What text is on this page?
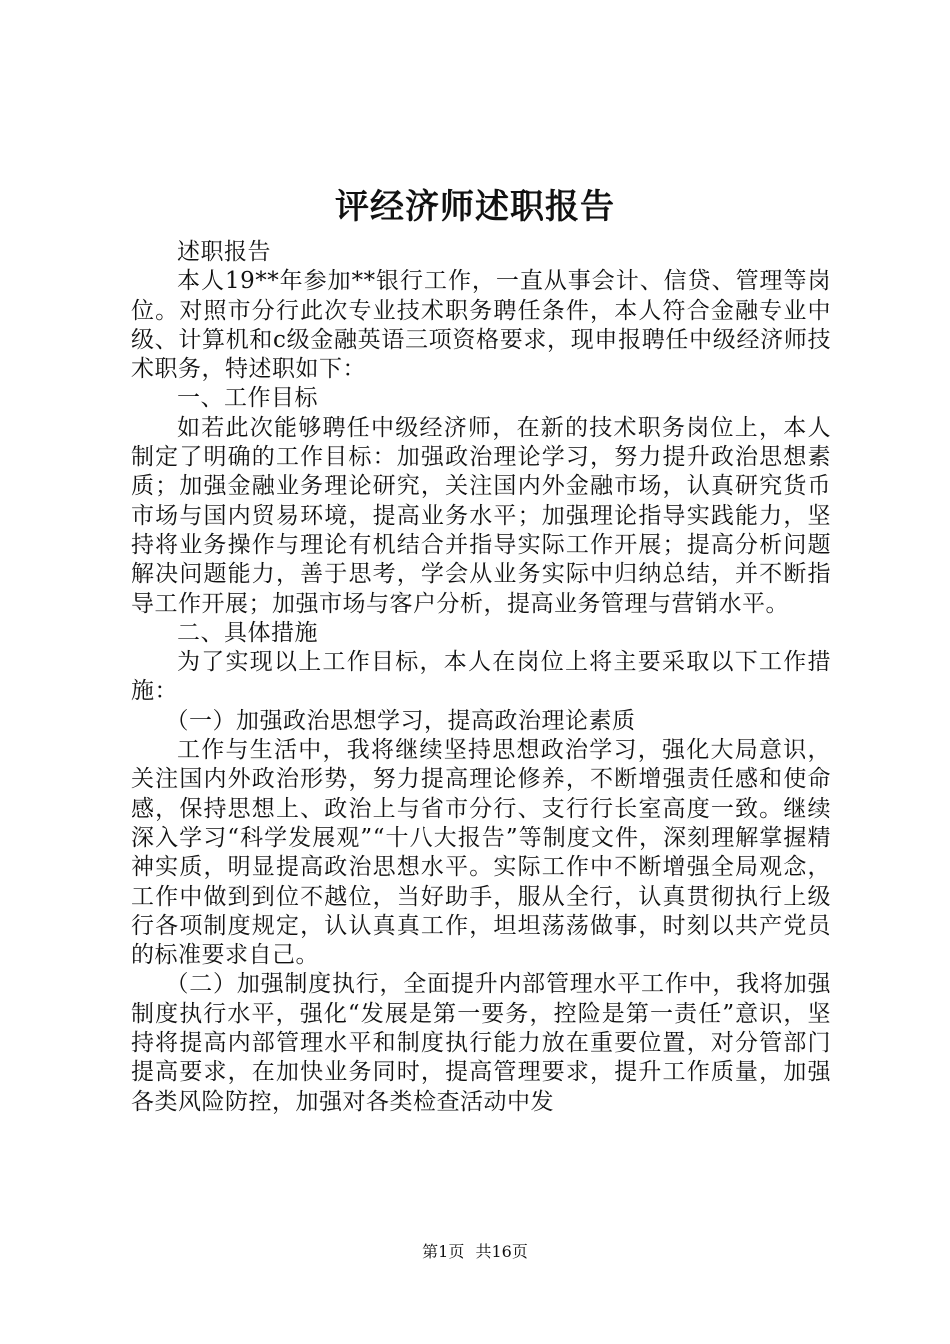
评经济师述职报告

述职报告

本人19**年参加**银行工作，一直从事会计、信贷、管理等岗位。对照市分行此次专业技术职务聘任条件，本人符合金融专业中级、计算机和c级金融英语三项资格要求，现申报聘任中级经济师技术职务，特述职如下：

一、工作目标

如若此次能够聘任中级经济师，在新的技术职务岗位上，本人制定了明确的工作目标：加强政治理论学习，努力提升政治思想素质；加强金融业务理论研究，关注国内外金融市场，认真研究货币市场与国内贸易环境，提高业务水平；加强理论指导实践能力，坚持将业务操作与理论有机结合并指导实际工作开展；提高分析问题解决问题能力，善于思考，学会从业务实际中归纳总结，并不断指导工作开展；加强市场与客户分析，提高业务管理与营销水平。

二、具体措施

为了实现以上工作目标，本人在岗位上将主要采取以下工作措施：

（一）加强政治思想学习，提高政治理论素质

工作与生活中，我将继续坚持思想政治学习，强化大局意识，关注国内外政治形势，努力提高理论修养，不断增强责任感和使命感，保持思想上、政治上与省市分行、支行行长室高度一致。继续深入学习“科学发展观”“十八大报告”等制度文件，深刻理解掌握精神实质，明显提高政治思想水平。实际工作中不断增强全局观念，工作中做到到位不越位，当好助手，服从全行，认真贯彻执行上级行各项制度规定，认认真真工作，坦坦荡荡做事，时刻以共产党员的标准要求自己。

（二）加强制度执行，全面提升内部管理水平工作中，我将加强制度执行水平，强化“发展是第一要务，控险是第一责任”意识，坚持将提高内部管理水平和制度执行能力放在重要位置，对分管部门提高要求，在加快业务同时，提高管理要求，提升工作质量，加强各类风险防控，加强对各类检查活动中发

第1页 共16页
